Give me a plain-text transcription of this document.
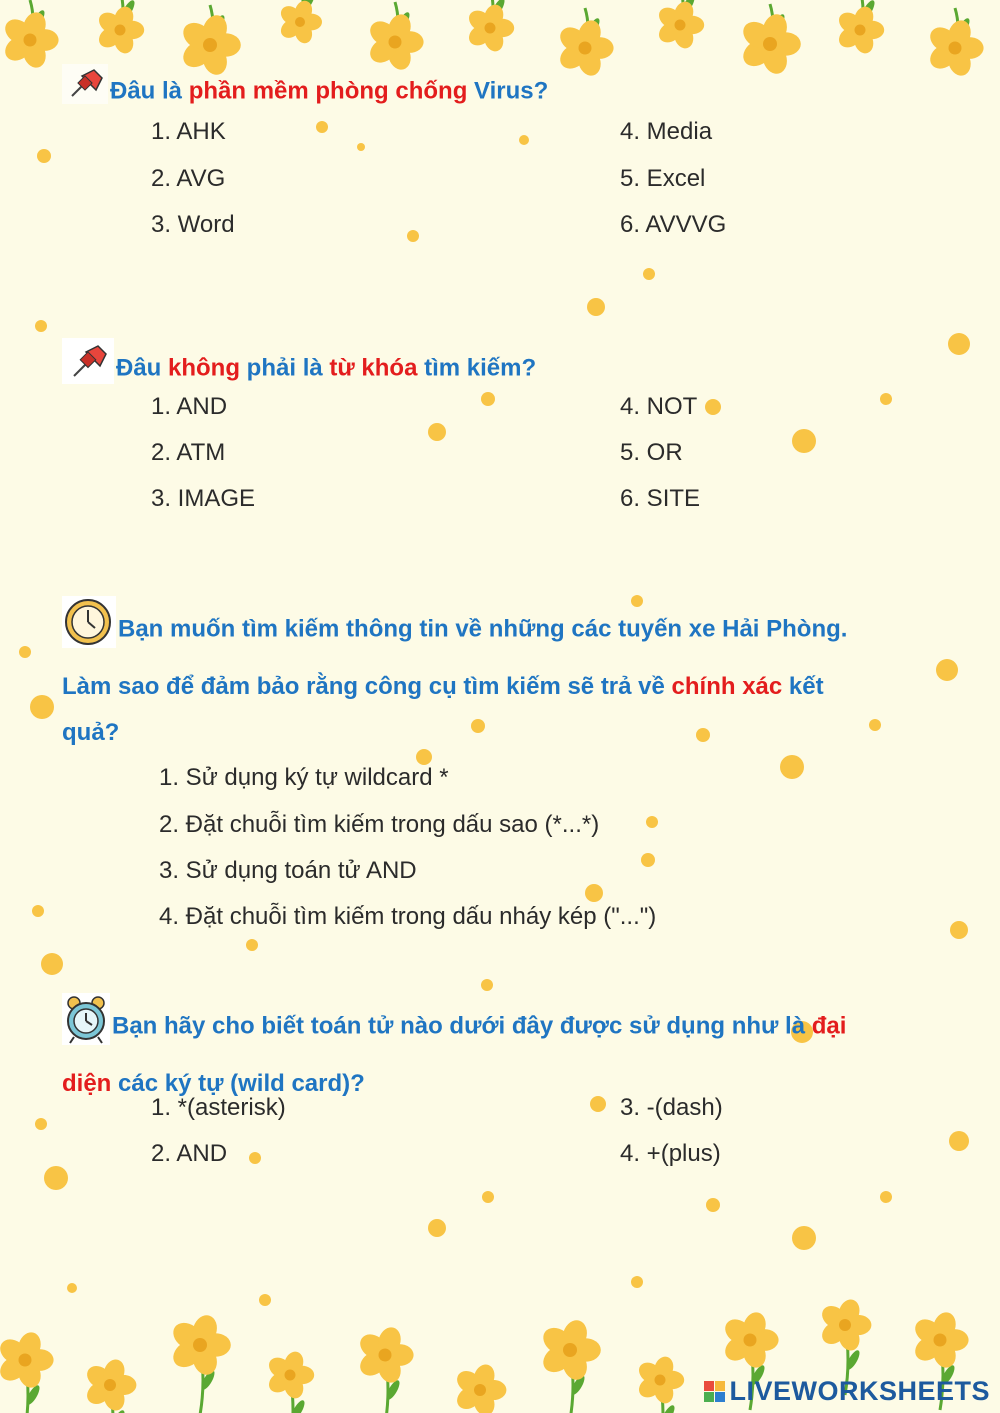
Đâu là phần mềm phòng chống Virus?
1. AHK
2. AVG
3. Word
4. Media
5. Excel
6. AVVVG
Đâu không phải là từ khóa tìm kiếm?
1. AND
2. ATM
3. IMAGE
4. NOT
5. OR
6. SITE
Bạn muốn tìm kiếm thông tin về những các tuyến xe Hải Phòng.
Làm sao để đảm bảo rằng công cụ tìm kiếm sẽ trả về chính xác kết
quả?
1. Sử dụng ký tự wildcard *
2. Đặt chuỗi tìm kiếm trong dấu sao (*...*)
3. Sử dụng toán tử AND
4. Đặt chuỗi tìm kiếm trong dấu nháy kép ("...")
Bạn hãy cho biết toán tử nào dưới đây được sử dụng như là đại
diện các ký tự (wild card)?
1. *(asterisk)
2. AND
3. -(dash)
4. +(plus)
LIVEWORKSHEETS
